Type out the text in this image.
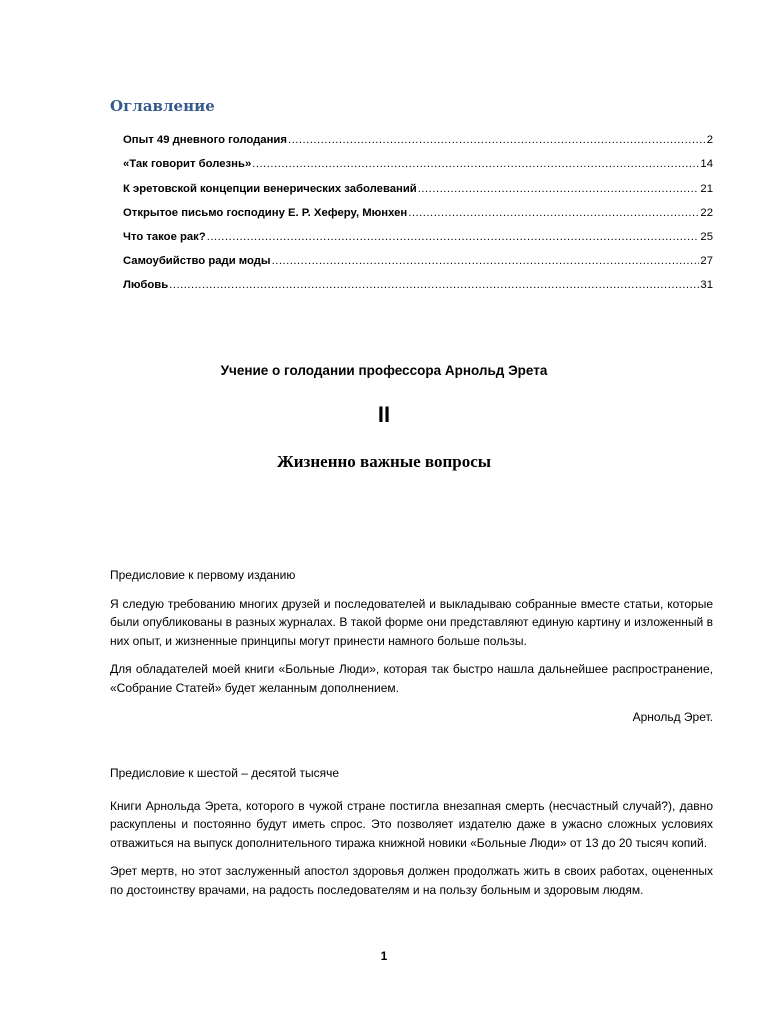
Оглавление
Опыт 49 дневного голодания .....	2
«Так говорит болезнь» .....	14
К эретовской концепции венерических заболеваний .....	21
Открытое письмо господину Е. Р. Хеферу, Мюнхен .....	22
Что такое рак? .....	25
Самоубийство ради моды .....	27
Любовь .....	31
Учение о голодании профессора Арнольд Эрета
II
Жизненно важные вопросы

Предисловие к первому изданию

Я следую требованию многих друзей и последователей и выкладываю собранные вместе статьи, которые были опубликованы в разных журналах. В такой форме они представляют единую картину и изложенный в них опыт, и жизненные принципы могут принести намного больше пользы.

Для обладателей моей книги «Больные Люди», которая так быстро нашла дальнейшее распространение, «Собрание Статей» будет желанным дополнением.

Арнольд Эрет.

Предисловие к шестой – десятой тысяче

Книги Арнольда Эрета, которого в чужой стране постигла внезапная смерть (несчастный случай?), давно раскуплены и постоянно будут иметь спрос. Это позволяет издателю даже в ужасно сложных условиях отважиться на выпуск дополнительного тиража книжной новики «Больные Люди» от 13 до 20 тысяч копий.

Эрет мертв, но этот заслуженный апостол здоровья должен продолжать жить в своих работах, оцененных по достоинству врачами, на радость последователям и на пользу больным и здоровым людям.

1
